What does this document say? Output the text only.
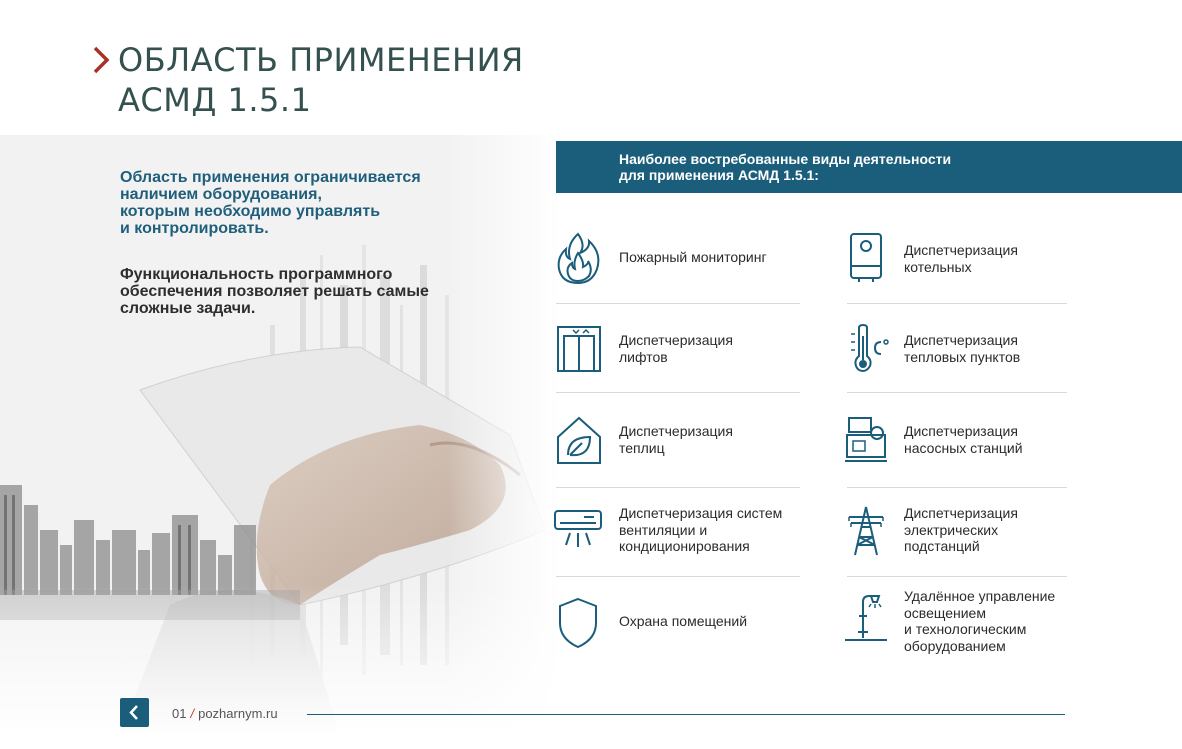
ОБЛАСТЬ ПРИМЕНЕНИЯ
АСМД 1.5.1

Область применения ограничивается
наличием оборудования,
которым необходимо управлять
и контролировать.

Функциональность программного
обеспечения позволяет решать самые
сложные задачи.

Наиболее востребованные виды деятельности
для применения АСМД 1.5.1:
Пожарный мониторинг
Диспетчеризация
лифтов
Диспетчеризация
теплиц
Диспетчеризация систем
вентиляции и
кондиционирования
Охрана помещений
Диспетчеризация
котельных
Диспетчеризация
тепловых пунктов
Диспетчеризация
насосных станций
Диспетчеризация
электрических
подстанций
Удалённое управление
освещением
и технологическим
оборудованием
01 / pozharnym.ru
